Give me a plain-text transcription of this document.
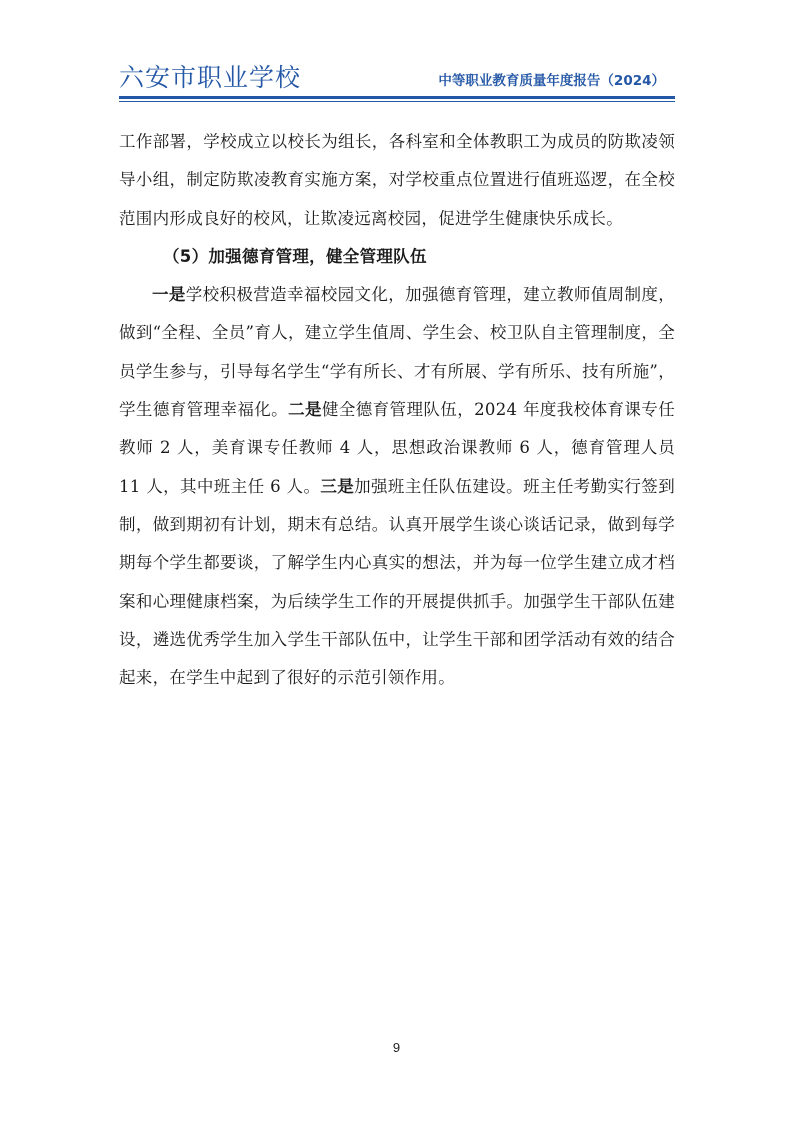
六安市职业学校	中等职业教育质量年度报告（2024）

工作部署，学校成立以校长为组长，各科室和全体教职工为成员的防欺凌领导小组，制定防欺凌教育实施方案，对学校重点位置进行值班巡逻，在全校范围内形成良好的校风，让欺凌远离校园，促进学生健康快乐成长。

（5）加强德育管理，健全管理队伍

一是学校积极营造幸福校园文化，加强德育管理，建立教师值周制度，做到“全程、全员”育人，建立学生值周、学生会、校卫队自主管理制度，全员学生参与，引导每名学生“学有所长、才有所展、学有所乐、技有所施”，学生德育管理幸福化。二是健全德育管理队伍，2024 年度我校体育课专任教师 2 人，美育课专任教师 4 人，思想政治课教师 6 人，德育管理人员 11 人，其中班主任 6 人。三是加强班主任队伍建设。班主任考勤实行签到制，做到期初有计划，期末有总结。认真开展学生谈心谈话记录，做到每学期每个学生都要谈，了解学生内心真实的想法，并为每一位学生建立成才档案和心理健康档案，为后续学生工作的开展提供抓手。加强学生干部队伍建设，遴选优秀学生加入学生干部队伍中，让学生干部和团学活动有效的结合起来，在学生中起到了很好的示范引领作用。

9
